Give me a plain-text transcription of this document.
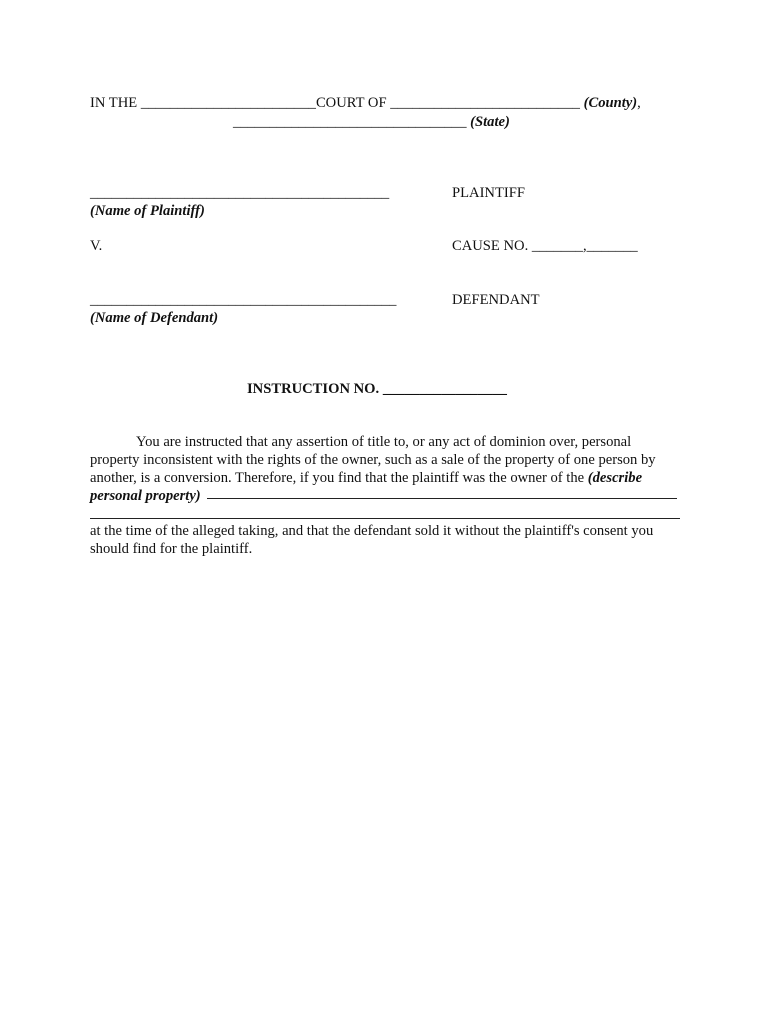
IN THE ________________________COURT OF __________________________ (County),
________________________________ (State)
_________________________________________
(Name of Plaintiff)
PLAINTIFF
V.	CAUSE NO. _______,_______
__________________________________________
(Name of Defendant)
DEFENDANT
INSTRUCTION NO. _________________
You are instructed that any assertion of title to, or any act of dominion over, personal property inconsistent with the rights of the owner, such as a sale of the property of one person by another, is a conversion. Therefore, if you find that the plaintiff was the owner of the (describe personal property)
at the time of the alleged taking, and that the defendant sold it without the plaintiff's consent you should find for the plaintiff.
